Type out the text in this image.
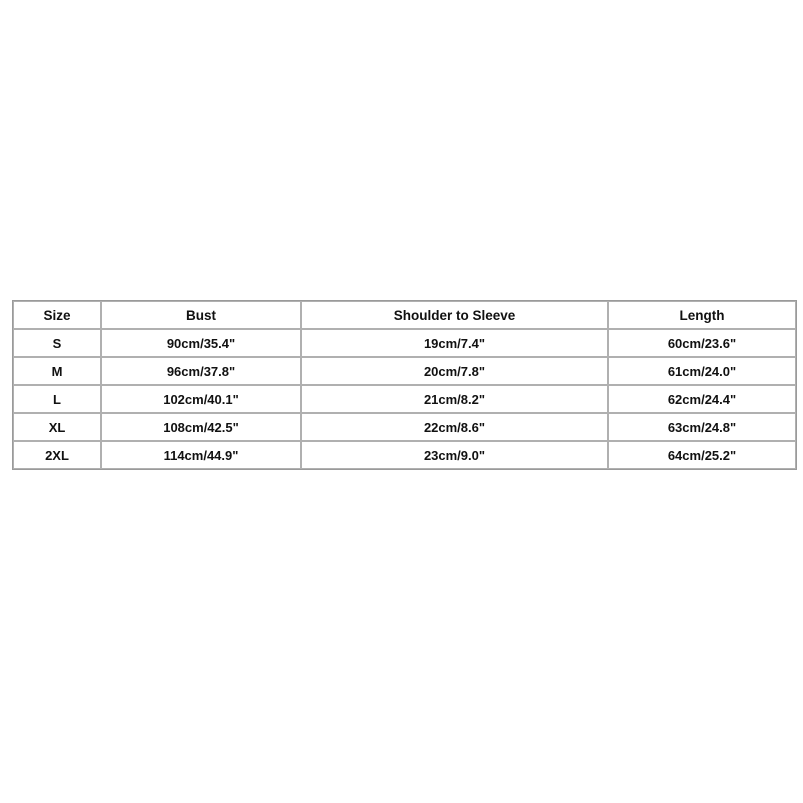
Size	Bust	Shoulder to Sleeve	Length
S	90cm/35.4"	19cm/7.4"	60cm/23.6"
M	96cm/37.8"	20cm/7.8"	61cm/24.0"
L	102cm/40.1"	21cm/8.2"	62cm/24.4"
XL	108cm/42.5"	22cm/8.6"	63cm/24.8"
2XL	114cm/44.9"	23cm/9.0"	64cm/25.2"
